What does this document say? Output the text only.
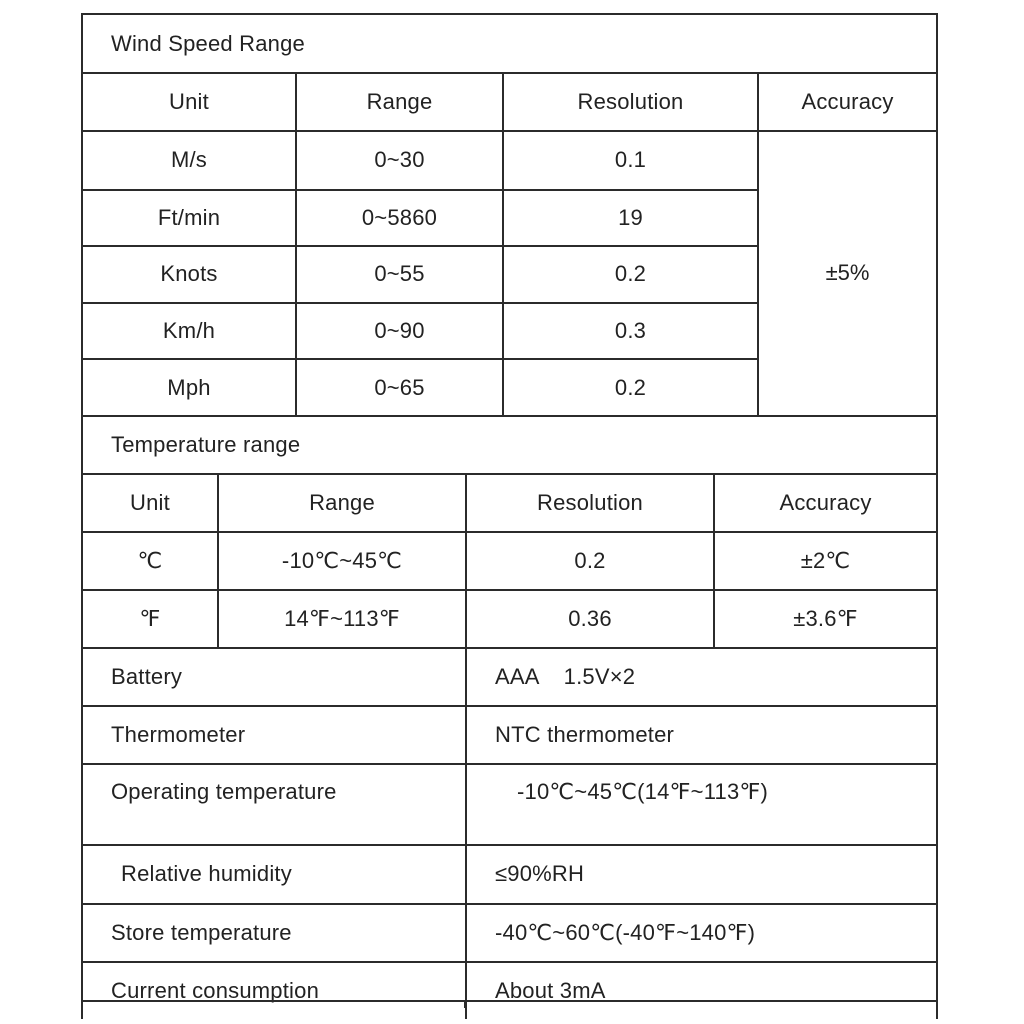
Wind Speed Range
Unit	Range	Resolution	Accuracy
M/s	0~30	0.1
Ft/min	0~5860	19
Knots	0~55	0.2
Km/h	0~90	0.3
Mph	0~65	0.2
±5%
Temperature range
Unit	Range	Resolution	Accuracy
℃	-10℃~45℃	0.2	±2℃
℉	14℉~113℉	0.36	±3.6℉
Battery	AAA    1.5V×2
Thermometer	NTC thermometer
Operating temperature	-10℃~45℃(14℉~113℉)
Relative humidity	≤90%RH
Store temperature	-40℃~60℃(-40℉~140℉)
Current consumption	About 3mA
